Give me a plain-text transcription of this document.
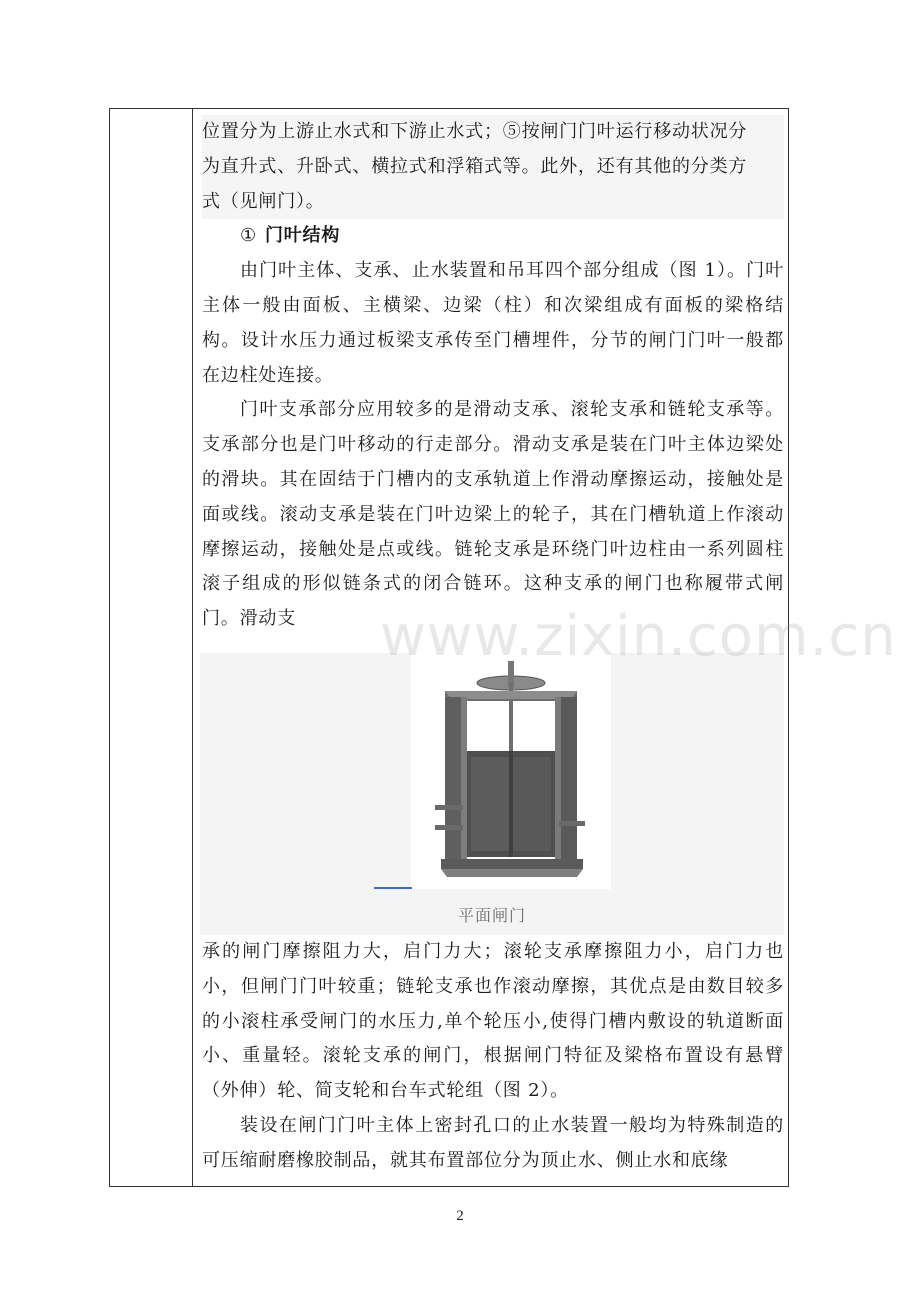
位置分为上游止水式和下游止水式；⑤按闸门门叶运行移动状况分

为直升式、升卧式、横拉式和浮箱式等。此外，还有其他的分类方

式（见闸门）。

① 门叶结构

由门叶主体、支承、止水装置和吊耳四个部分组成（图 1）。门叶主体一般由面板、主横梁、边梁（柱）和次梁组成有面板的梁格结构。设计水压力通过板梁支承传至门槽埋件，分节的闸门门叶一般都在边柱处连接。

门叶支承部分应用较多的是滑动支承、滚轮支承和链轮支承等。支承部分也是门叶移动的行走部分。滑动支承是装在门叶主体边梁处的滑块。其在固结于门槽内的支承轨道上作滑动摩擦运动，接触处是面或线。滚动支承是装在门叶边梁上的轮子，其在门槽轨道上作滚动摩擦运动，接触处是点或线。链轮支承是环绕门叶边柱由一系列圆柱滚子组成的形似链条式的闭合链环。这种支承的闸门也称履带式闸门。滑动支

平面闸门

承的闸门摩擦阻力大，启门力大；滚轮支承摩擦阻力小，启门力也小，但闸门门叶较重；链轮支承也作滚动摩擦，其优点是由数目较多的小滚柱承受闸门的水压力,单个轮压小,使得门槽内敷设的轨道断面小、重量轻。滚轮支承的闸门，根据闸门特征及梁格布置设有悬臂（外伸）轮、简支轮和台车式轮组（图 2）。

装设在闸门门叶主体上密封孔口的止水装置一般均为特殊制造的可压缩耐磨橡胶制品，就其布置部位分为顶止水、侧止水和底缘

www.zixin.com.cn
2
